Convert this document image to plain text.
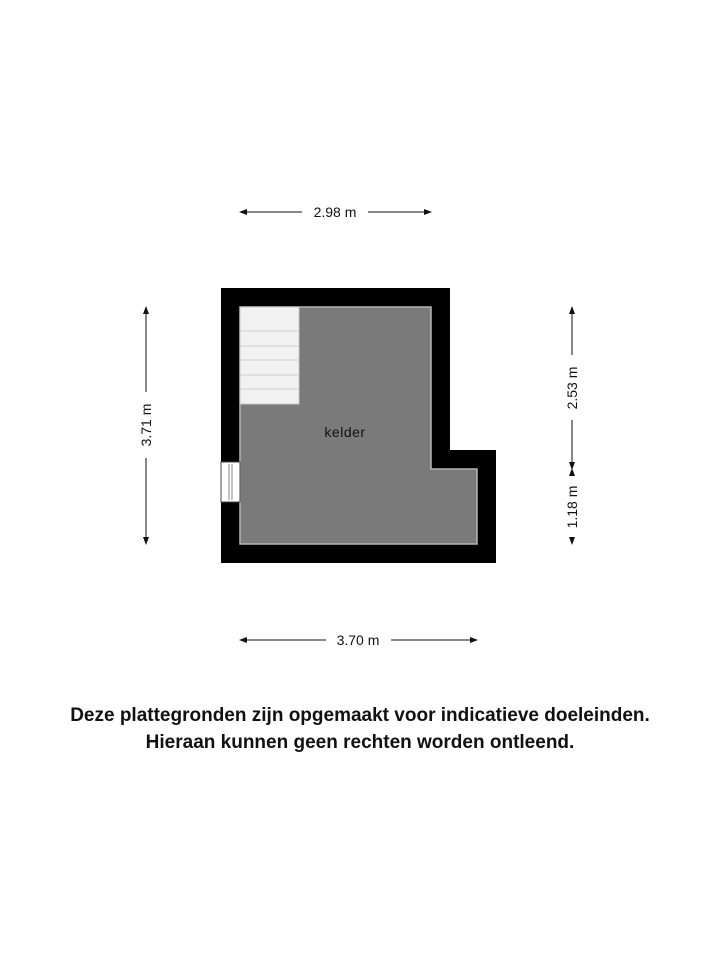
kelder
2.98 m
3.70 m
3.71 m
2.53 m
1.18 m
Deze plattegronden zijn opgemaakt voor indicatieve doeleinden.
Hieraan kunnen geen rechten worden ontleend.
